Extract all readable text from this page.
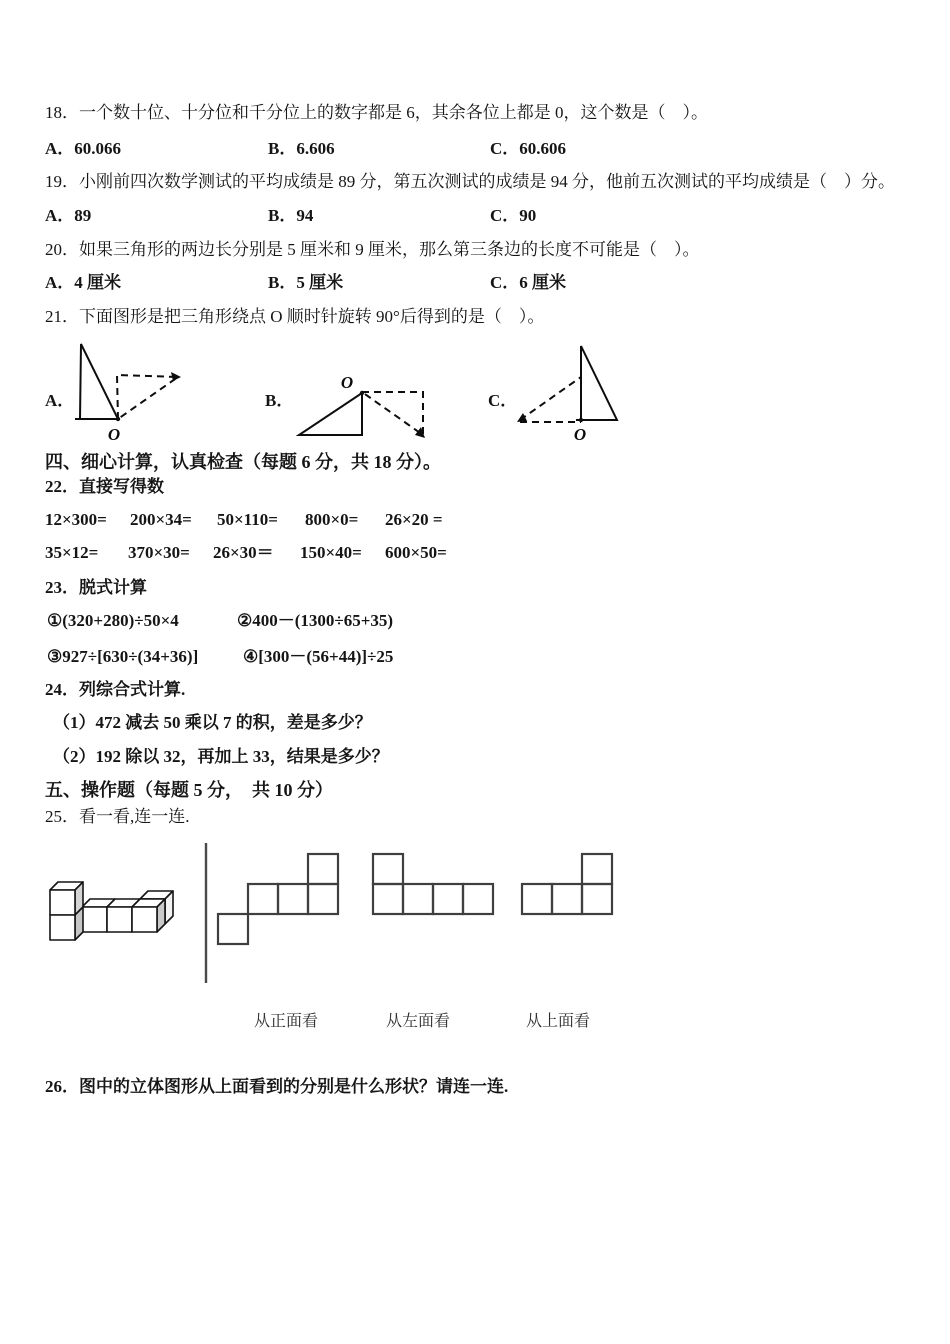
18．一个数十位、十分位和千分位上的数字都是 6，其余各位上都是 0，这个数是（　）。
A．60.066	B．6.606	C．60.606
19．小刚前四次数学测试的平均成绩是 89 分，第五次测试的成绩是 94 分，他前五次测试的平均成绩是（　）分。
A．89	B．94	C．90
20．如果三角形的两边长分别是 5 厘米和 9 厘米，那么第三条边的长度不可能是（　）。
A．4 厘米	B．5 厘米	C．6 厘米
21．下面图形是把三角形绕点 O 顺时针旋转 90°后得到的是（　）。
A．	B．	C．
O
O
O
四、细心计算，认真检查（每题 6 分，共 18 分）。
22．直接写得数
12×300= 200×34= 50×110= 800×0= 26×20 =
35×12= 370×30= 26×30＝ 150×40= 600×50=
23．脱式计算
①(320+280)÷50×4	②400－(1300÷65+35)
③927÷[630÷(34+36)]	④[300－(56+44)]÷25
24．列综合式计算.
（1）472 减去 50 乘以 7 的积，差是多少？
（2）192 除以 32，再加上 33，结果是多少？
五、操作题（每题 5 分，　共 10 分）
25．看一看,连一连.
从正面看	从左面看	从上面看
26．图中的立体图形从上面看到的分别是什么形状？请连一连.
